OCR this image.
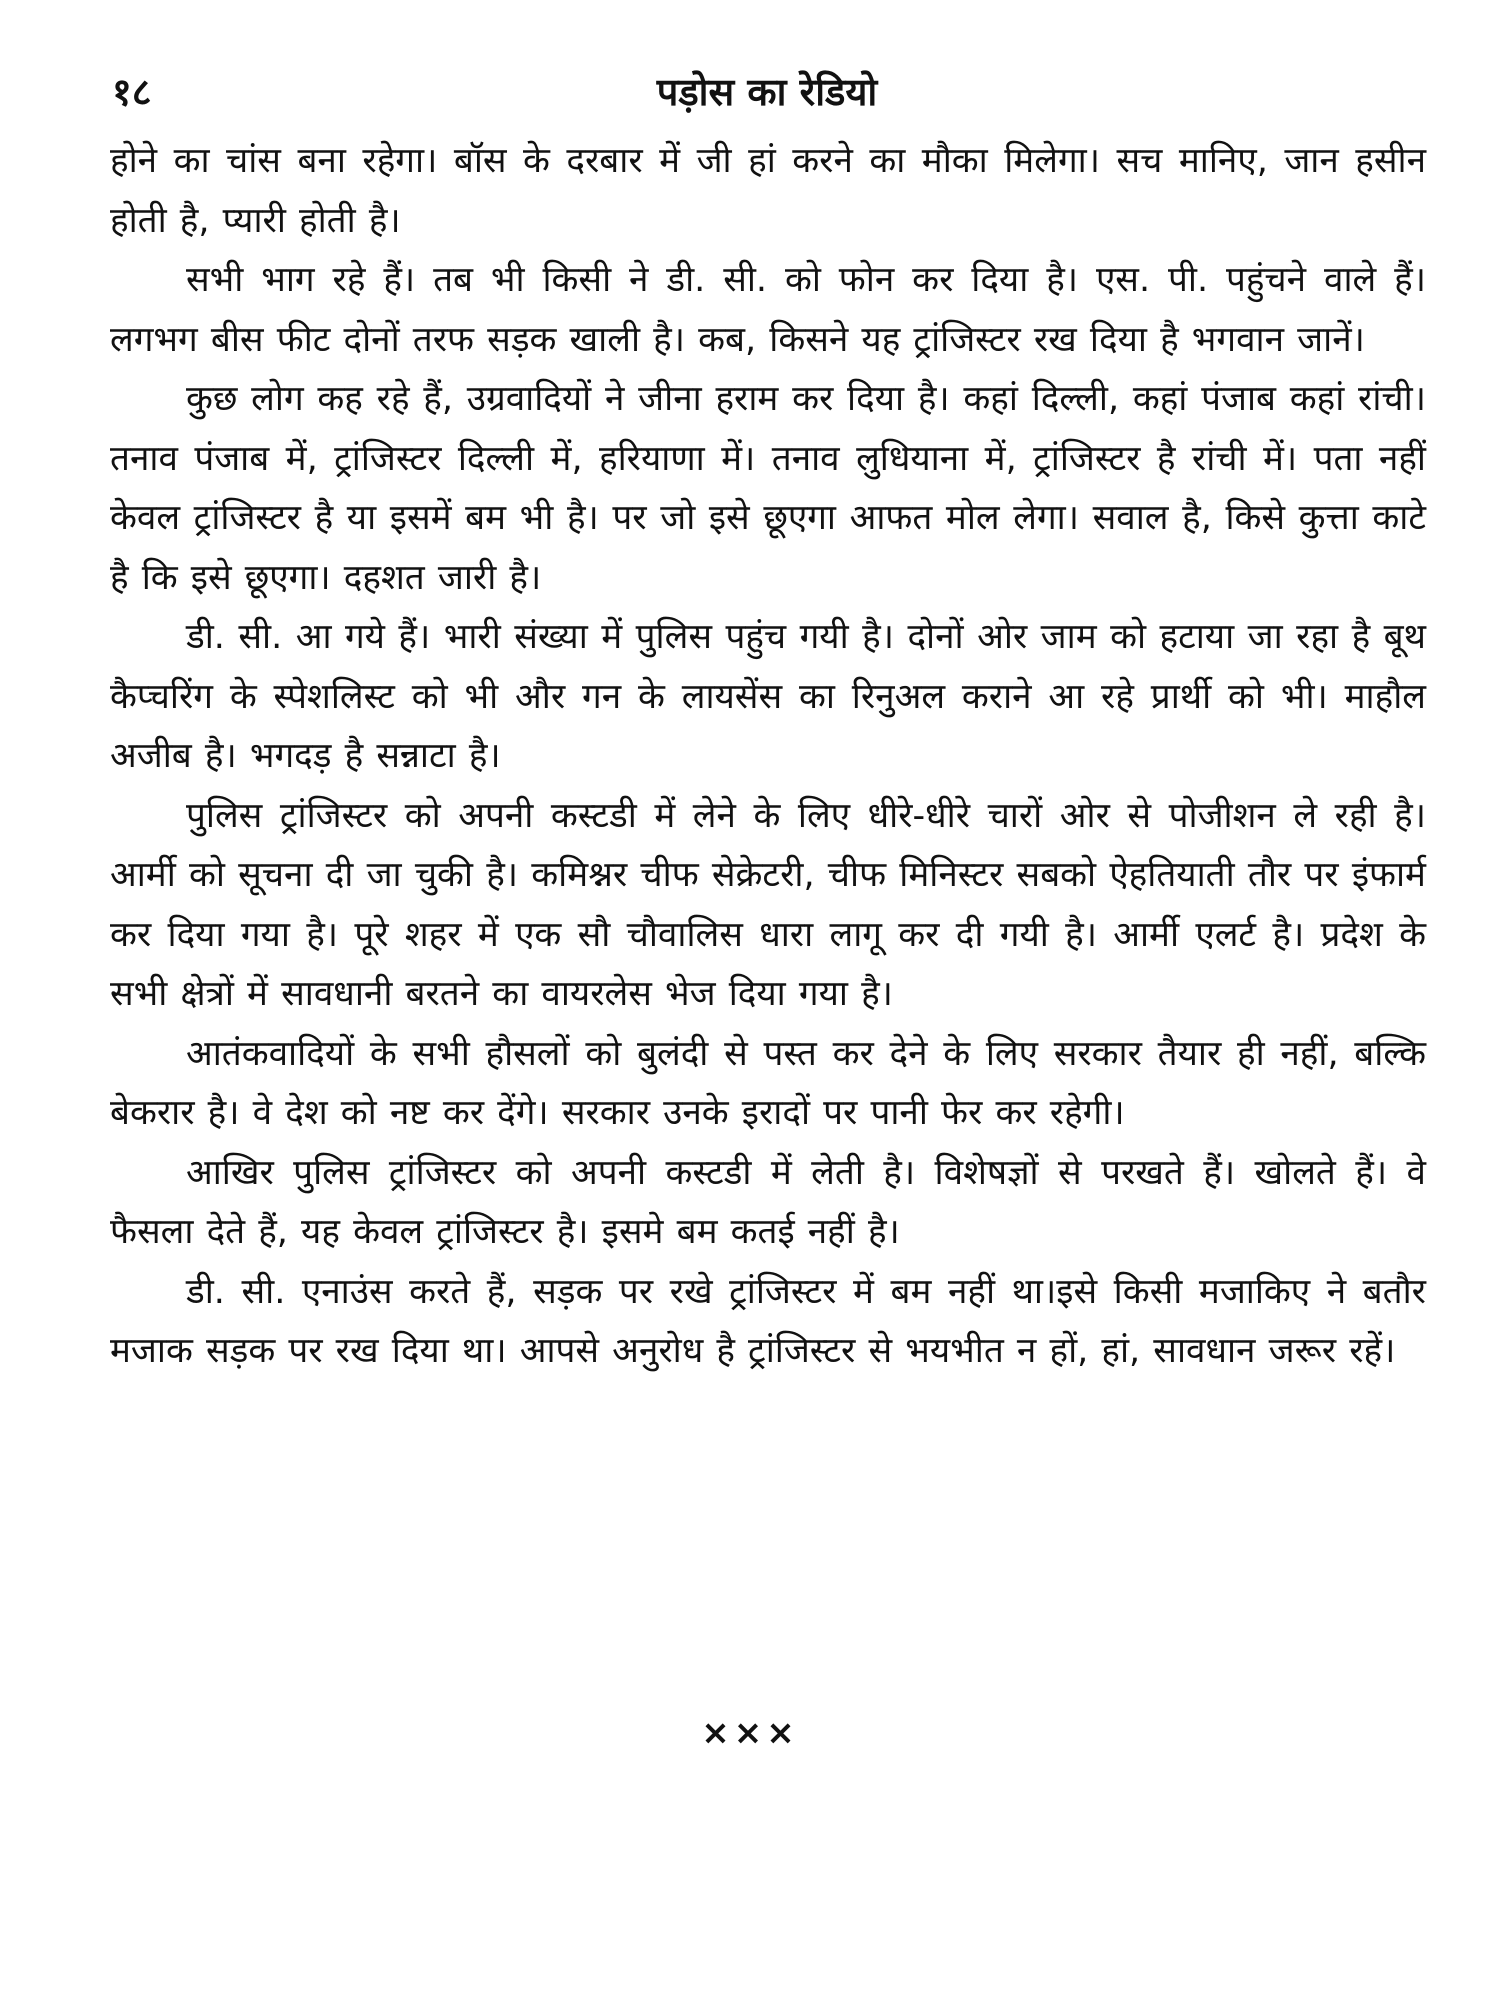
१८	पड़ोस का रेडियो

होने का चांस बना रहेगा। बॉस के दरबार में जी हां करने का मौका मिलेगा। सच मानिए, जान हसीन होती है, प्यारी होती है।

सभी भाग रहे हैं। तब भी किसी ने डी. सी. को फोन कर दिया है। एस. पी. पहुंचने वाले हैं। लगभग बीस फीट दोनों तरफ सड़क खाली है। कब, किसने यह ट्रांजिस्टर रख दिया है भगवान जानें।

कुछ लोग कह रहे हैं, उग्रवादियों ने जीना हराम कर दिया है। कहां दिल्ली, कहां पंजाब कहां रांची। तनाव पंजाब में, ट्रांजिस्टर दिल्ली में, हरियाणा में। तनाव लुधियाना में, ट्रांजिस्टर है रांची में। पता नहीं केवल ट्रांजिस्टर है या इसमें बम भी है। पर जो इसे छूएगा आफत मोल लेगा। सवाल है, किसे कुत्ता काटे है कि इसे छूएगा। दहशत जारी है।

डी. सी. आ गये हैं। भारी संख्या में पुलिस पहुंच गयी है। दोनों ओर जाम को हटाया जा रहा है बूथ कैप्चरिंग के स्पेशलिस्ट को भी और गन के लायसेंस का रिनुअल कराने आ रहे प्रार्थी को भी। माहौल अजीब है। भगदड़ है सन्नाटा है।

पुलिस ट्रांजिस्टर को अपनी कस्टडी में लेने के लिए धीरे-धीरे चारों ओर से पोजीशन ले रही है। आर्मी को सूचना दी जा चुकी है। कमिश्नर चीफ सेक्रेटरी, चीफ मिनिस्टर सबको ऐहतियाती तौर पर इंफार्म कर दिया गया है। पूरे शहर में एक सौ चौवालिस धारा लागू कर दी गयी है। आर्मी एलर्ट है। प्रदेश के सभी क्षेत्रों में सावधानी बरतने का वायरलेस भेज दिया गया है।

आतंकवादियों के सभी हौसलों को बुलंदी से पस्त कर देने के लिए सरकार तैयार ही नहीं, बल्कि बेकरार है। वे देश को नष्ट कर देंगे। सरकार उनके इरादों पर पानी फेर कर रहेगी।

आखिर पुलिस ट्रांजिस्टर को अपनी कस्टडी में लेती है। विशेषज्ञों से परखते हैं। खोलते हैं। वे फैसला देते हैं, यह केवल ट्रांजिस्टर है। इसमे बम कतई नहीं है।

डी. सी. एनाउंस करते हैं, सड़क पर रखे ट्रांजिस्टर में बम नहीं था।इसे किसी मजाकिए ने बतौर मजाक सड़क पर रख दिया था। आपसे अनुरोध है ट्रांजिस्टर से भयभीत न हों, हां, सावधान जरूर रहें।

×××
